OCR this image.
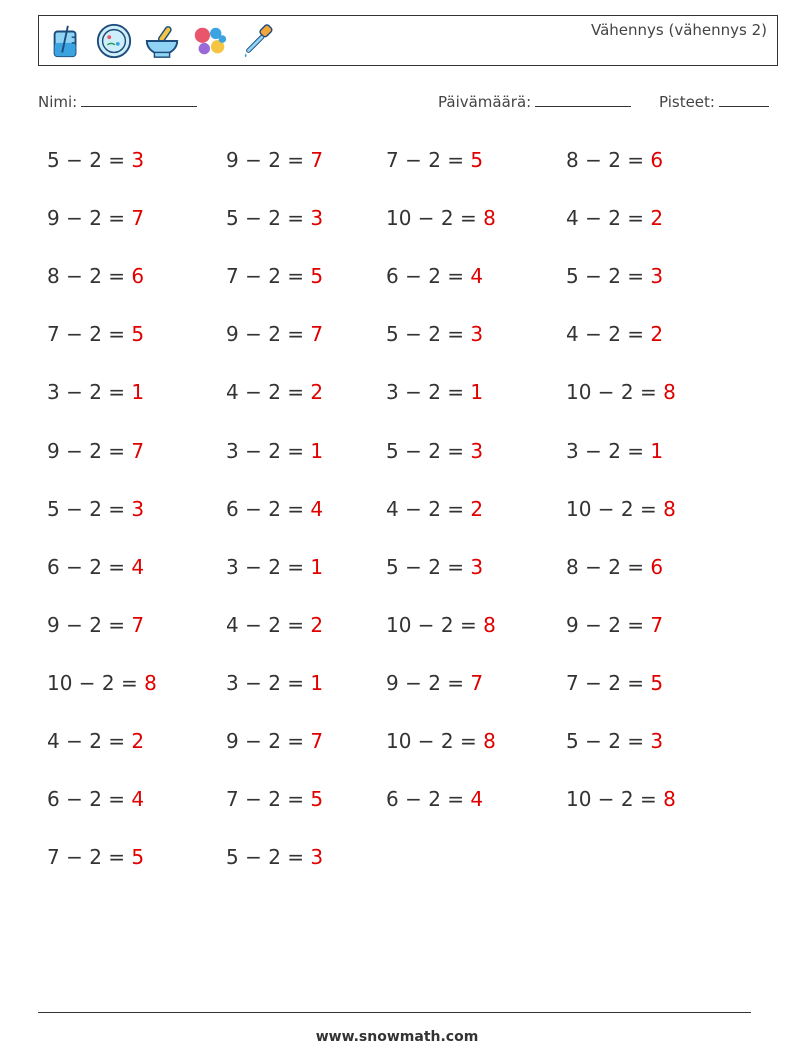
Vähennys (vähennys 2)
Nimi:	Päivämäärä:	Pisteet:
5 − 2 = 3	9 − 2 = 7	7 − 2 = 5	8 − 2 = 6
9 − 2 = 7	5 − 2 = 3	10 − 2 = 8	4 − 2 = 2
8 − 2 = 6	7 − 2 = 5	6 − 2 = 4	5 − 2 = 3
7 − 2 = 5	9 − 2 = 7	5 − 2 = 3	4 − 2 = 2
3 − 2 = 1	4 − 2 = 2	3 − 2 = 1	10 − 2 = 8
9 − 2 = 7	3 − 2 = 1	5 − 2 = 3	3 − 2 = 1
5 − 2 = 3	6 − 2 = 4	4 − 2 = 2	10 − 2 = 8
6 − 2 = 4	3 − 2 = 1	5 − 2 = 3	8 − 2 = 6
9 − 2 = 7	4 − 2 = 2	10 − 2 = 8	9 − 2 = 7
10 − 2 = 8	3 − 2 = 1	9 − 2 = 7	7 − 2 = 5
4 − 2 = 2	9 − 2 = 7	10 − 2 = 8	5 − 2 = 3
6 − 2 = 4	7 − 2 = 5	6 − 2 = 4	10 − 2 = 8
7 − 2 = 5	5 − 2 = 3
www.snowmath.com
